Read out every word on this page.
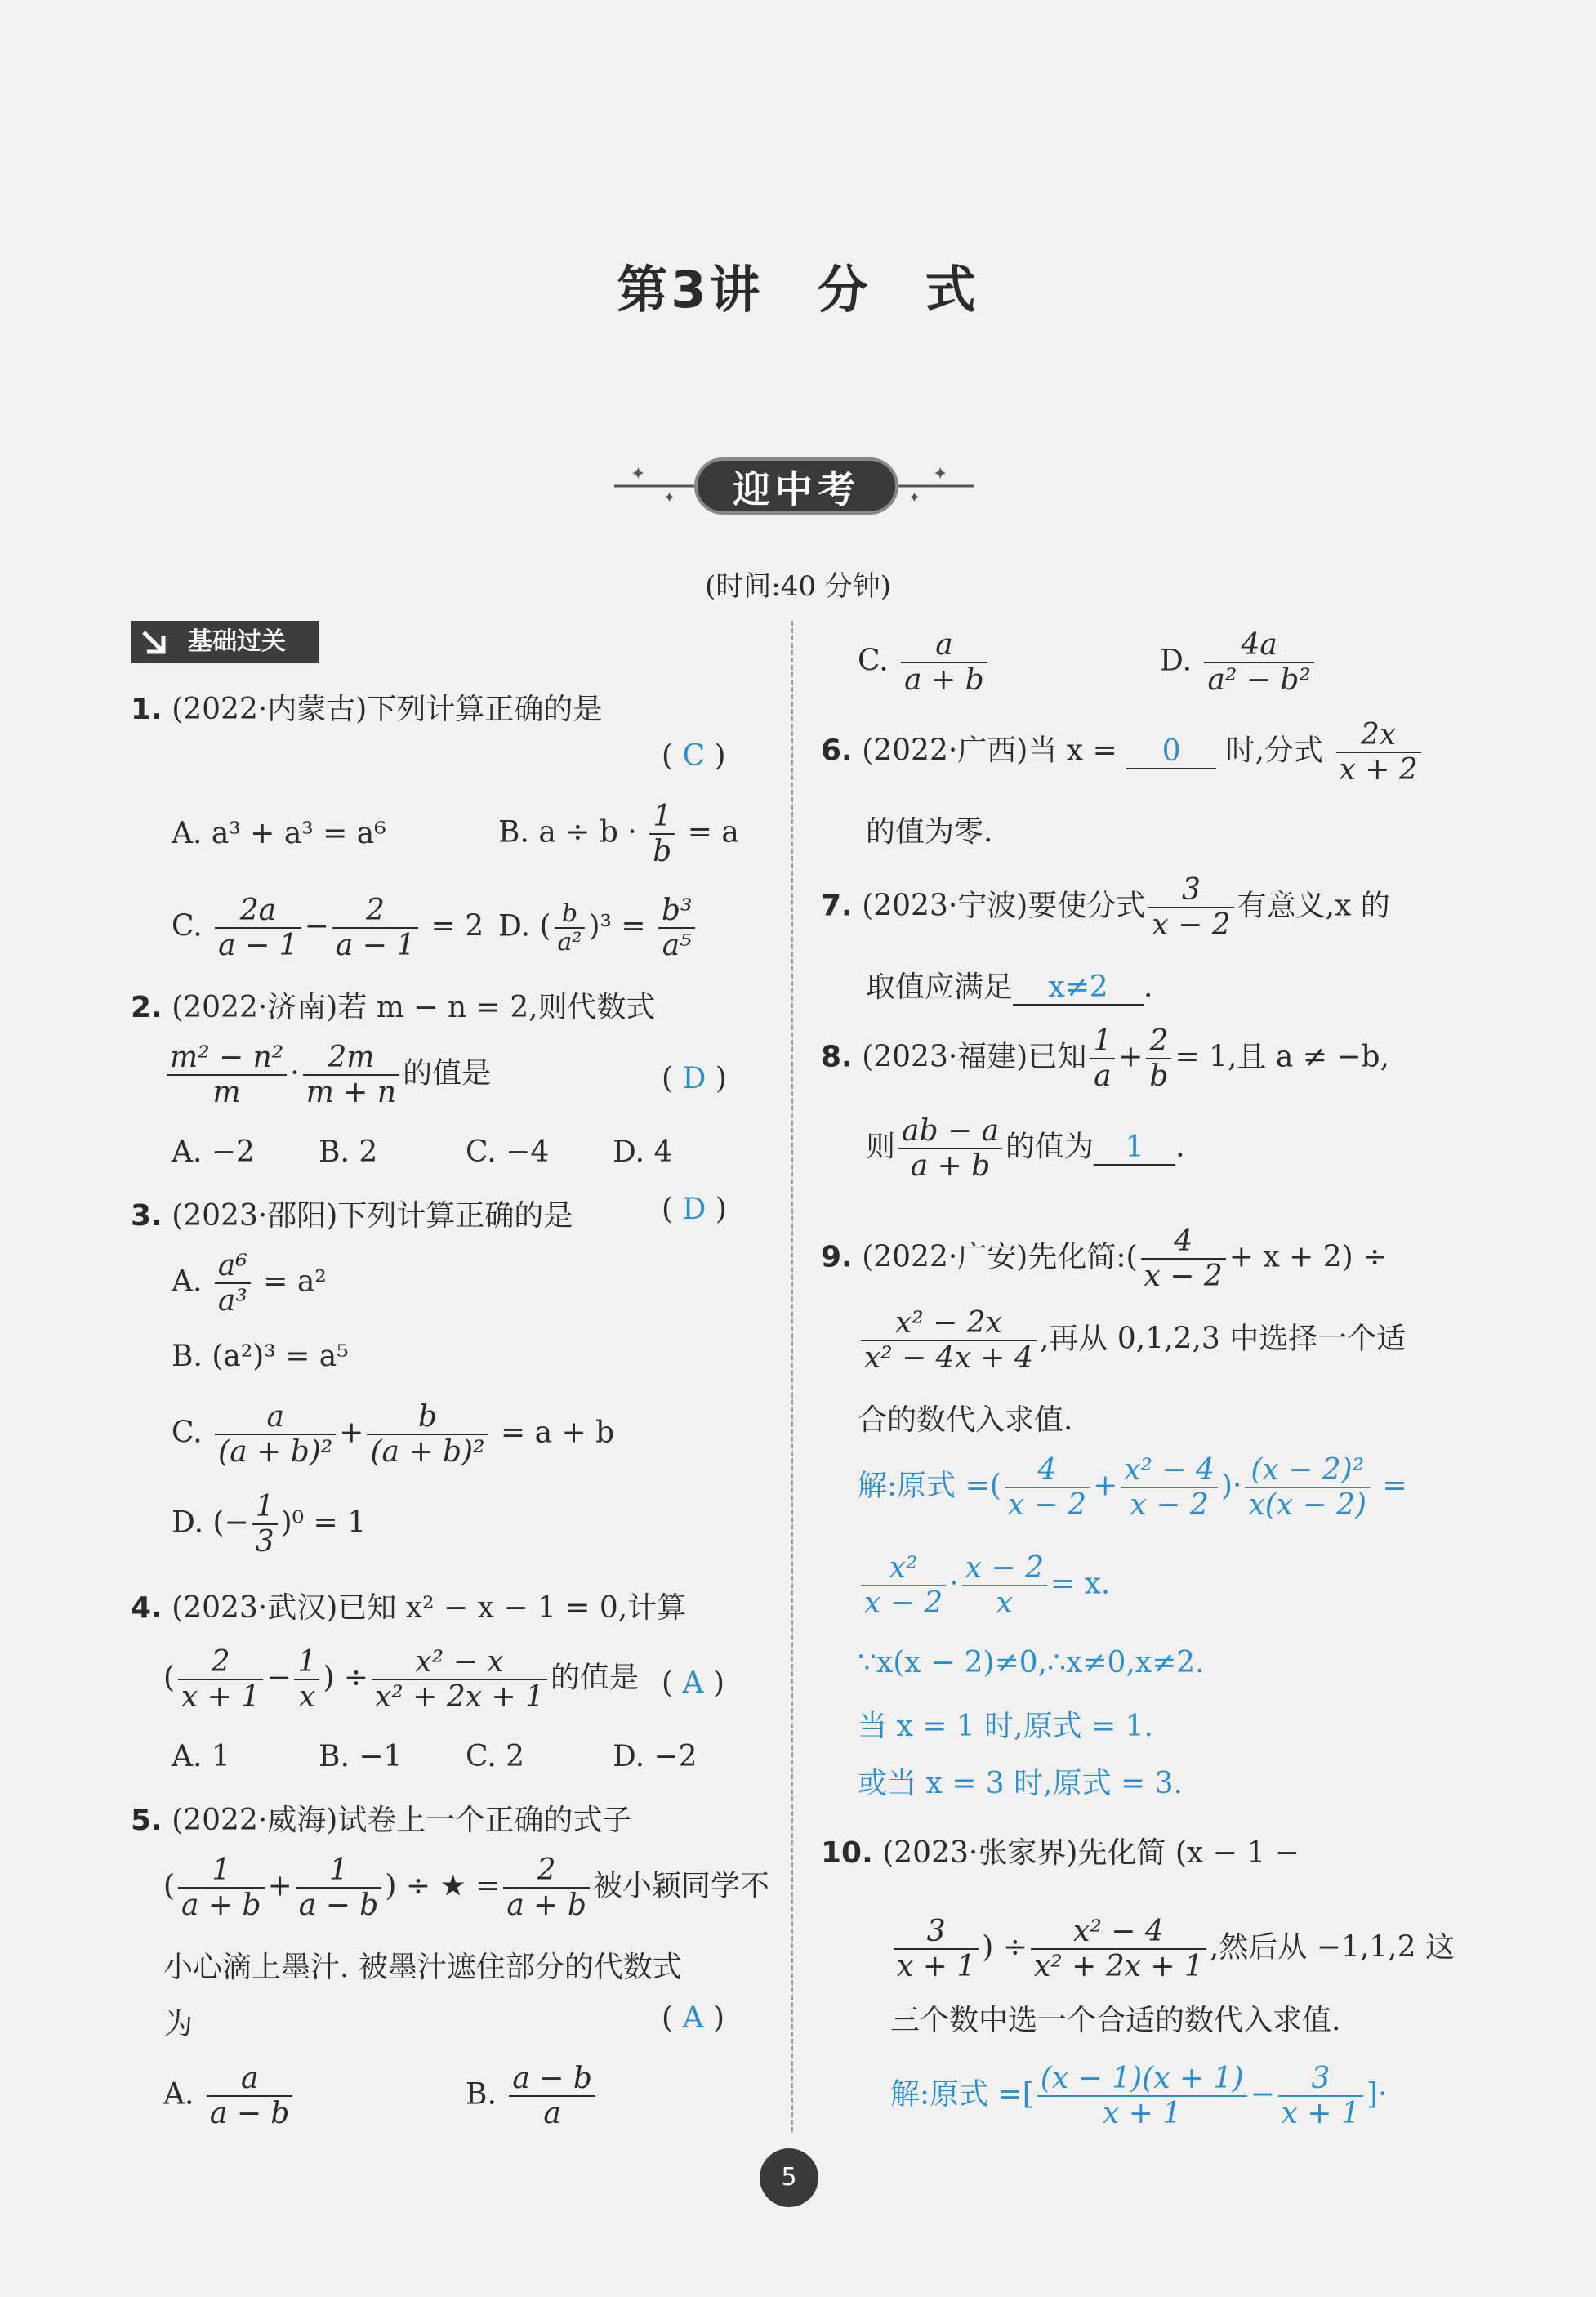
第3讲　分　式
✦
✦
✦
✦
迎中考
(时间:40 分钟)
基础过关
1. (2022·内蒙古)下列计算正确的是
( C )
A. a³ + a³ = a⁶	B. $a \div b \cdot \frac{1}{b} = a$
C. $\frac{2a}{a - 1} - \frac{2}{a - 1} = 2$ D. ( $\frac{b}{\text{a²}} )^3 = \frac{\text{b³}}{\text{a⁵}}$
2. (2022·济南)若 m − n = 2,则代数式
$\frac{\text{m² − n²}}{m} \cdot \frac{2m}{m + n}$ 的值是	( D )
A. −2 B. 2	C. −4 D. 4
3. (2023·邵阳)下列计算正确的是	( D )
A. $\frac{\text{a⁶}}{\text{a³}} = a^2$
B. (a²)³ = a⁵
C. $\frac{a}{\text{(a + b)²}} + \frac{b}{\text{(a + b)²}} = a + b$
D. (− $\frac{1}{3} )^0 = 1$
4. (2023·武汉)已知 x² − x − 1 = 0,计算
( $\frac{2}{x + 1} - \frac{1}{x}$ ) ÷ $\frac{\text{x² − x}}{\text{x² + 2x + 1}}$ 的值是 ( A )
A. 1	B. −1 C. 2	D. −2
5. (2022·威海)试卷上一个正确的式子
( $\frac{1}{a + b} + \frac{1}{a - b}$ ) ÷ ★ = $\frac{2}{a + b}$ 被小颖同学不
小心滴上墨汁. 被墨汁遮住部分的代数式
为	( A )
A. $\frac{a}{a - b}$	B. $\frac{a - b}{a}$
C. $\frac{a}{a + b}$	D. $\frac{4a}{\text{a² − b²}}$
6. (2022·广西)当 x = 0 时,分式 $\frac{2x}{x + 2}$
的值为零.
7. (2023·宁波)要使分式 $\frac{3}{x - 2}$ 有意义,x 的
取值应满足 x≠2 .
8. (2023·福建)已知 $\frac{1}{a} + \frac{2}{b} = 1$,且 a ≠ −b,
则 $\frac{ab - a}{a + b}$ 的值为 1 .
9. (2022·广安)先化简:( $\frac{4}{x - 2} + x + 2$) ÷
$\frac{\text{x² − 2x}}{\text{x² − 4x + 4}}$ ,再从 0,1,2,3 中选择一个适
合的数代入求值.
解:原式 =( $\frac{4}{x - 2} + \frac{\text{x² − 4}}{x - 2}$ )· $\frac{\text{(x − 2)²}}{x(x - 2)}$ =
$\frac{\text{x²}}{x - 2} \cdot \frac{x - 2}{x} = x$.
∵x(x − 2)≠0,∴x≠0,x≠2.
当 x = 1 时,原式 = 1.
或当 x = 3 时,原式 = 3.
10. (2023·张家界)先化简 (x − 1 −
$\frac{3}{x + 1}$ ) ÷ $\frac{\text{x² − 4}}{\text{x² + 2x + 1}}$ ,然后从 −1,1,2 这
三个数中选一个合适的数代入求值.
解:原式 =[ $\frac{(x - 1)(x + 1)}{x + 1} - \frac{3}{x + 1}$ ]·
5
